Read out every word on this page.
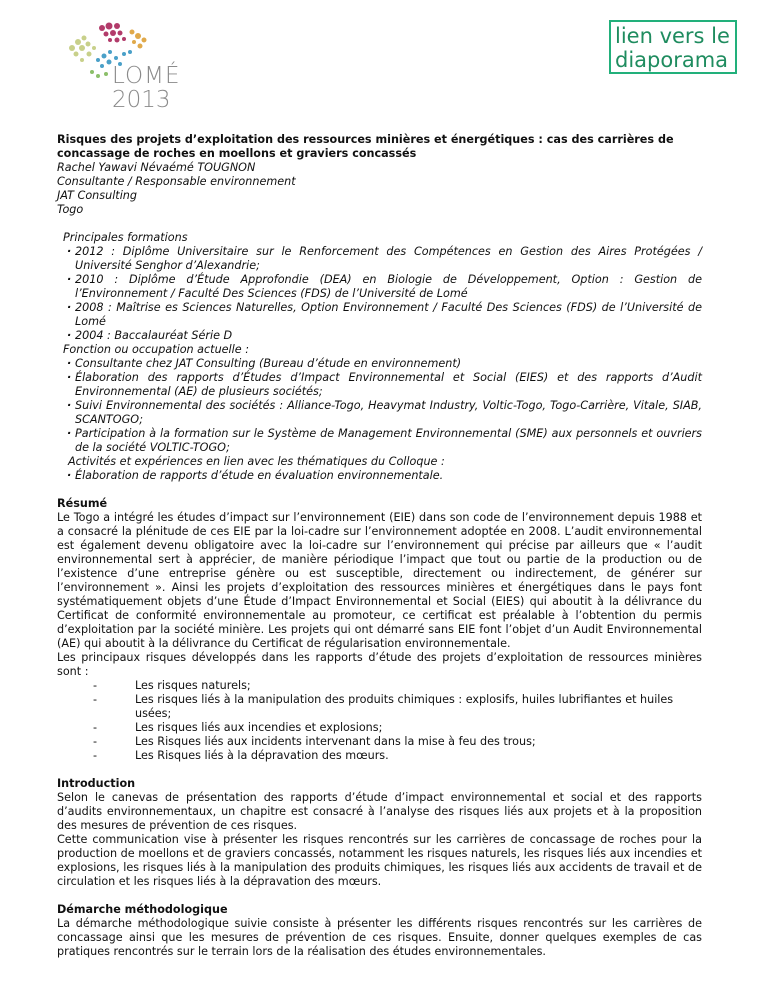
LOMÉ
2013
lien vers le diaporama

Risques des projets d’exploitation des ressources minières et énergétiques : cas des carrières de concassage de roches en moellons et graviers concassés

Rachel Yawavi Névaémé TOUGNON

Consultante / Responsable environnement

JAT Consulting

Togo

Principales formations

· 2012 : Diplôme Universitaire sur le Renforcement des Compétences en Gestion des Aires Protégées / Université Senghor d’Alexandrie;
· 2010 : Diplôme d’Étude Approfondie (DEA) en Biologie de Développement, Option : Gestion de l’Environnement / Faculté Des Sciences (FDS) de l’Université de Lomé
· 2008 : Maîtrise es Sciences Naturelles, Option Environnement / Faculté Des Sciences (FDS) de l’Université de Lomé
· 2004 : Baccalauréat Série D

Fonction ou occupation actuelle :

· Consultante chez JAT Consulting (Bureau d’étude en environnement)
· Élaboration des rapports d’Études d’Impact Environnemental et Social (EIES) et des rapports d’Audit Environnemental (AE) de plusieurs sociétés;
· Suivi Environnemental des sociétés : Alliance-Togo, Heavymat Industry, Voltic-Togo, Togo-Carrière, Vitale, SIAB, SCANTOGO;
· Participation à la formation sur le Système de Management Environnemental (SME) aux personnels et ouvriers de la société VOLTIC-TOGO;

Activités et expériences en lien avec les thématiques du Colloque :

· Élaboration de rapports d’étude en évaluation environnementale.

Résumé

Le Togo a intégré les études d’impact sur l’environnement (EIE) dans son code de l’environnement depuis 1988 et a consacré la plénitude de ces EIE par la loi-cadre sur l’environnement adoptée en 2008. L’audit environnemental est également devenu obligatoire avec la loi-cadre sur l’environnement qui précise par ailleurs que « l’audit environnemental sert à apprécier, de manière périodique l’impact que tout ou partie de la production ou de l’existence d’une entreprise génère ou est susceptible, directement ou indirectement, de générer sur l’environnement ». Ainsi les projets d’exploitation des ressources minières et énergétiques dans le pays font systématiquement objets d’une Étude d’Impact Environnemental et Social (EIES) qui aboutit à la délivrance du Certificat de conformité environnementale au promoteur, ce certificat est préalable à l’obtention du permis d’exploitation par la société minière. Les projets qui ont démarré sans EIE font l’objet d’un Audit Environnemental (AE) qui aboutit à la délivrance du Certificat de régularisation environnementale.

Les principaux risques développés dans les rapports d’étude des projets d’exploitation de ressources minières sont :

- Les risques naturels;

- Les risques liés à la manipulation des produits chimiques : explosifs, huiles lubrifiantes et huiles usées;

- Les risques liés aux incendies et explosions;

- Les Risques liés aux incidents intervenant dans la mise à feu des trous;

- Les Risques liés à la dépravation des mœurs.

Introduction

Selon le canevas de présentation des rapports d’étude d’impact environnemental et social et des rapports d’audits environnementaux, un chapitre est consacré à l’analyse des risques liés aux projets et à la proposition des mesures de prévention de ces risques.

Cette communication vise à présenter les risques rencontrés sur les carrières de concassage de roches pour la production de moellons et de graviers concassés, notamment les risques naturels, les risques liés aux incendies et explosions, les risques liés à la manipulation des produits chimiques, les risques liés aux accidents de travail et de circulation et les risques liés à la dépravation des mœurs.

Démarche méthodologique

La démarche méthodologique suivie consiste à présenter les différents risques rencontrés sur les carrières de concassage ainsi que les mesures de prévention de ces risques. Ensuite, donner quelques exemples de cas pratiques rencontrés sur le terrain lors de la réalisation des études environnementales.
